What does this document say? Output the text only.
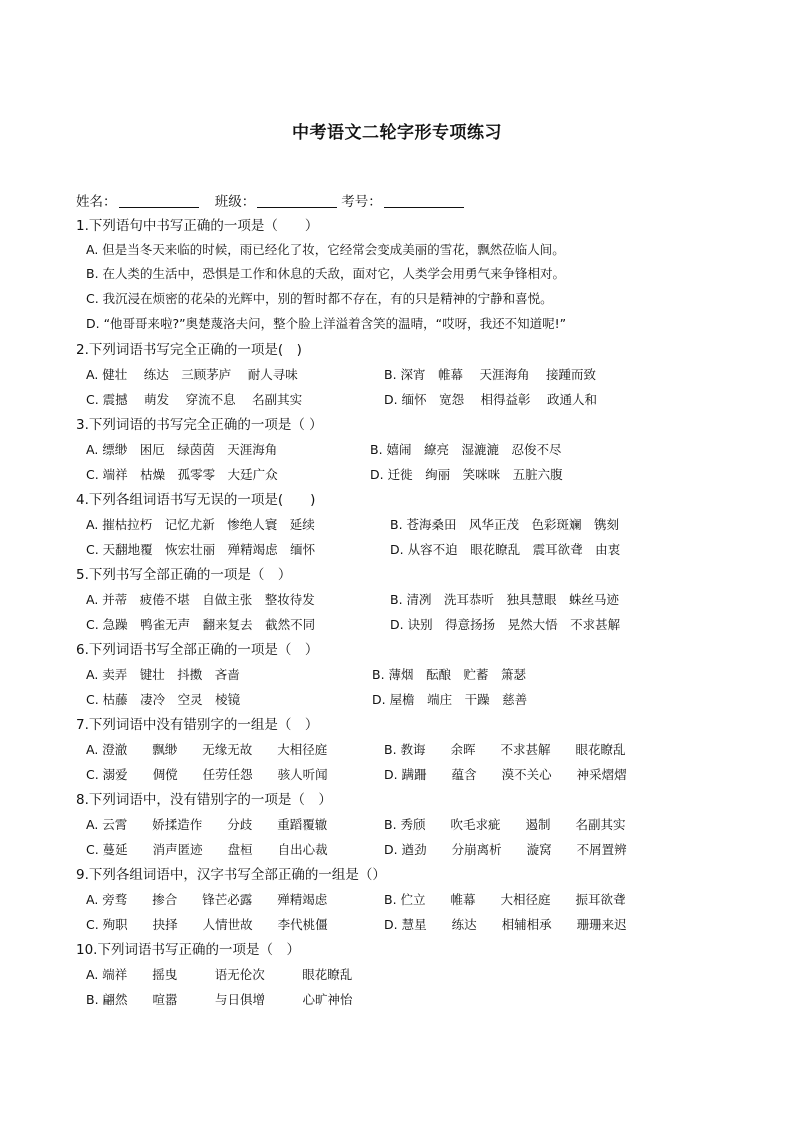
中考语文二轮字形专项练习
姓名：	班级：	考号：
1.下列语句中书写正确的一项是（　　）
A. 但是当冬天来临的时候，雨已经化了妆，它经常会变成美丽的雪花，飘然莅临人间。
B. 在人类的生活中，恐惧是工作和休息的夭敌，面对它，人类学会用勇气来争锋相对。
C. 我沉浸在烦密的花朵的光辉中，别的暂时都不存在，有的只是精神的宁静和喜悦。
D. “他哥哥来啦?”奥楚蔑洛夫问，整个脸上洋溢着含笑的温晴，“哎呀，我还不知道呢!”
2.下列词语书写完全正确的一项是(　)
A. 健壮　 练达　三顾茅庐　 耐人寻味	B. 深宵　帷幕　 天涯海角　 接踵而致
C. 震撼　 萌发　 穿流不息　 名副其实	D. 缅怀　宽怨　 相得益彰　 政通人和
3.下列词语的书写完全正确的一项是（ ）
A. 缥缈　困厄　绿茵茵　天涯海角	B. 嬉闹　繚亮　湿漉漉　忍俊不尽
C. 端祥　枯燥　孤零零　大廷广众	D. 迁徙　绚丽　笑咪咪　五脏六腹
4.下列各组词语书写无误的一项是(　　)
A. 摧枯拉朽　记忆尤新　惨绝人寰　延续	B. 苍海桑田　风华正茂　色彩斑斓　镌刻
C. 天翻地覆　恢宏壮丽　殚精竭虑　缅怀	D. 从容不迫　眼花瞭乱　震耳欲聋　由衷
5.下列书写全部正确的一项是（　）
A. 并蒂　疲倦不堪　自做主张　整妆待发	B. 清冽　洗耳恭听　独具慧眼　蛛丝马迹
C. 急躁　鸭雀无声　翻来复去　截然不同	D. 诀别　得意扬扬　晃然大悟　不求甚解
6.下列词语书写全部正确的一项是（　）
A. 卖弄　键壮　抖擞　吝啬	B. 薄烟　酝酿　贮蓄　箫瑟
C. 枯藤　凄冷　空灵　棱镜	D. 屋檐　端庄　干躁　慈善
7.下列词语中没有错别字的一组是（　）
A. 澄澈　　飘缈　　无缘无故　　大相径庭	B. 教诲　　余晖　　不求甚解　　眼花瞭乱
C. 溺爱　　倜傥　　任劳任怨　　骇人听闻	D. 蹒跚　　蕴含　　漠不关心　　神采熠熠
8.下列词语中，没有错别字的一项是（　）
A. 云霄　　娇揉造作　　分歧　　重蹈覆辙	B. 秀颀　　吹毛求疵　　遏制　　名副其实
C. 蔓延　　消声匿迹　　盘桓　　自出心裁	D. 遒劲　　分崩离析　　漩窝　　不屑置辨
9.下列各组词语中，汉字书写全部正确的一组是（）
A. 旁骛　　掺合　　锋芒必露　　殚精竭虑	B. 伫立　　帷幕　　大相径庭　　振耳欲聋
C. 殉职　　抉择　　人情世故　　李代桃僵	D. 慧星　　练达　　相辅相承　　珊珊来迟
10.下列词语书写正确的一项是（　）
A. 端祥　　摇曳　　　语无伦次　　　眼花瞭乱
B. 翩然　　喧嚣　　　与日俱增　　　心旷神怡
